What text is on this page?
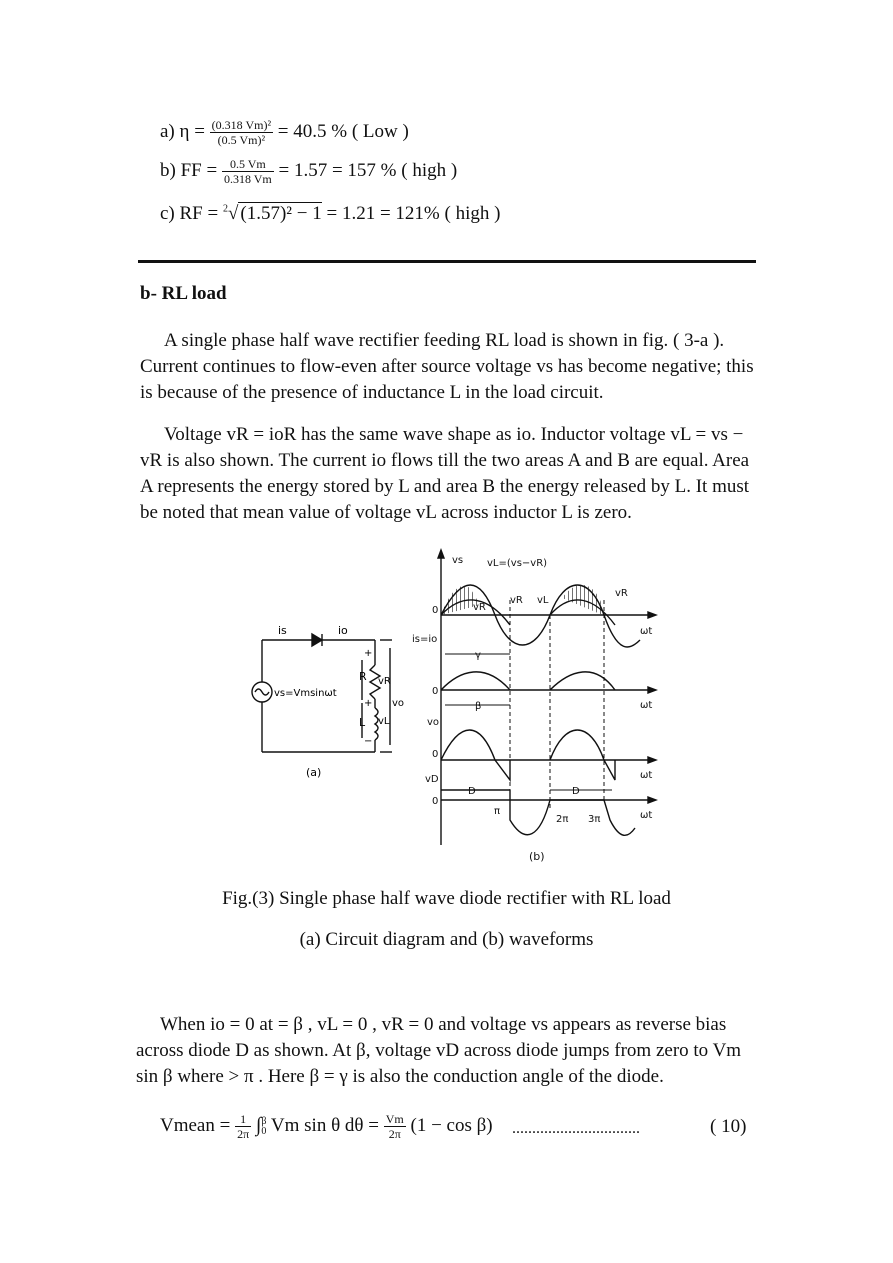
a) $\eta = \frac{\text{(0.318 Vm)²}}{\text{(0.5 Vm)²}} = 40.5$ % ( Low )
b) FF = $\frac{0.5 Vm}{0.318 Vm} = 1.57 = 157$ % ( high )
c) RF = $^2$√ (1.57)² − 1 = 1.21 = 121% ( high )
b- RL load

A single phase half wave rectifier feeding RL load is shown in fig. ( 3-a ). Current continues to flow-even after source voltage vs has become negative; this is because of the presence of inductance L in the load circuit.

Voltage vR = ioR has the same wave shape as io. Inductor voltage vL = vs − vR is also shown. The current io flows till the two areas A and B are equal. Area A represents the energy stored by L and area B the energy released by L. It must be noted that mean value of voltage vL across inductor L is zero.

is	io
vs=Vmsinωt
R
L
vR
vL
vo
+
+
−
(a)
vs vL=(vs−vR)
vR
vR
vR
vL
is=io
γ
β
vo
vD
D	D
π
2π 3π
ωt
ωt
ωt
ωt
0
0
0
0
(b)
Fig.(3) Single phase half wave diode rectifier with RL load
(a) Circuit diagram and (b) waveforms

When io = 0 at = β , vL = 0 , vR = 0 and voltage vs appears as reverse bias across diode D as shown. At β, voltage vD across diode jumps from zero to Vm sin β where > π . Here β = γ is also the conduction angle of the diode.

Vmean = $\frac{1}{2\pi}$ ∫ β
0 Vm sin θ $d\theta = \frac{Vm}{2\pi} (1 - \cos \beta)$ ................................	( 10)
